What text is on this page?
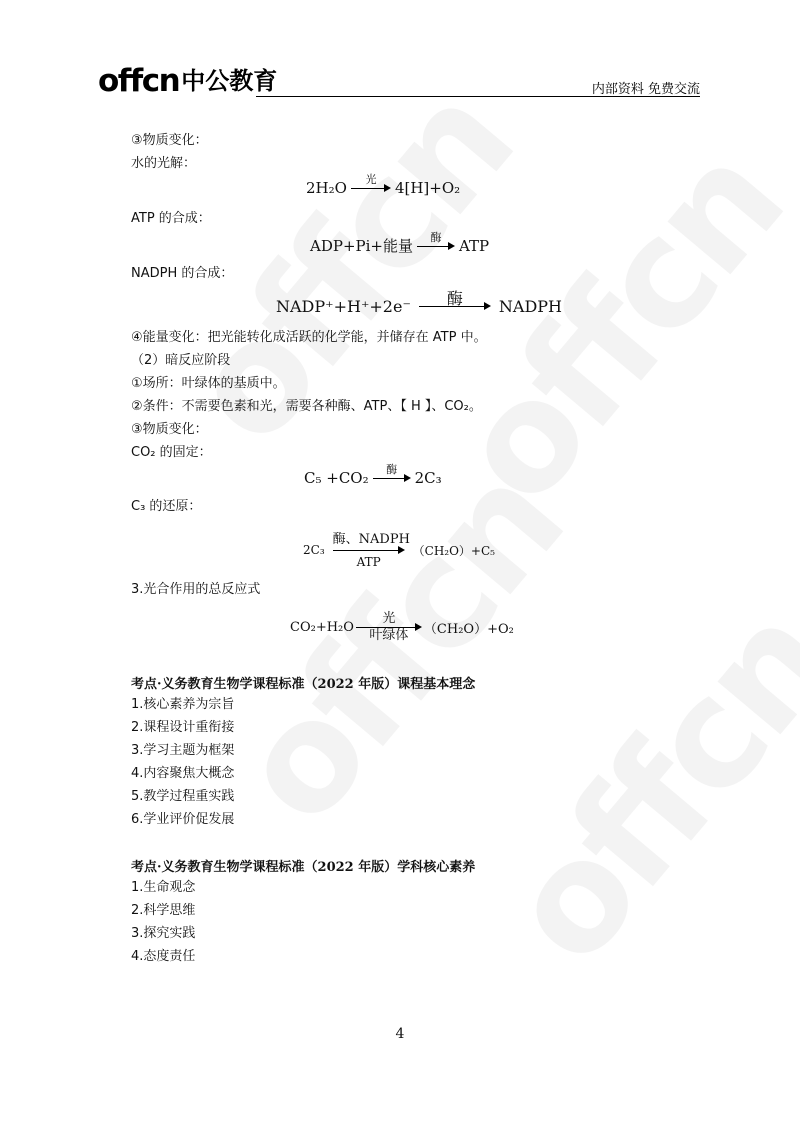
offcn 中公教育	内部资料 免费交流
③物质变化：
水的光解：
2H₂O	光	4[H]+O₂
ATP 的合成：
ADP+Pi+能量	酶	ATP
NADPH 的合成：
NADP⁺+H⁺+2e⁻	酶	NADPH
④能量变化：把光能转化成活跃的化学能，并储存在 ATP 中。
（2）暗反应阶段
①场所：叶绿体的基质中。
②条件：不需要色素和光，需要各种酶、ATP、【 H 】、CO₂。
③物质变化：
CO₂ 的固定：
C₅ +CO₂	酶	2C₃
C₃ 的还原：
2C₃
酶、NADPH
ATP
（CH₂O）+C₅
3.光合作用的总反应式
CO₂+H₂O
光
叶绿体	（CH₂O）+O₂
考点·义务教育生物学课程标准（2022 年版）课程基本理念
1.核心素养为宗旨
2.课程设计重衔接
3.学习主题为框架
4.内容聚焦大概念
5.教学过程重实践
6.学业评价促发展
考点·义务教育生物学课程标准（2022 年版）学科核心素养
1.生命观念
2.科学思维
3.探究实践
4.态度责任
4
